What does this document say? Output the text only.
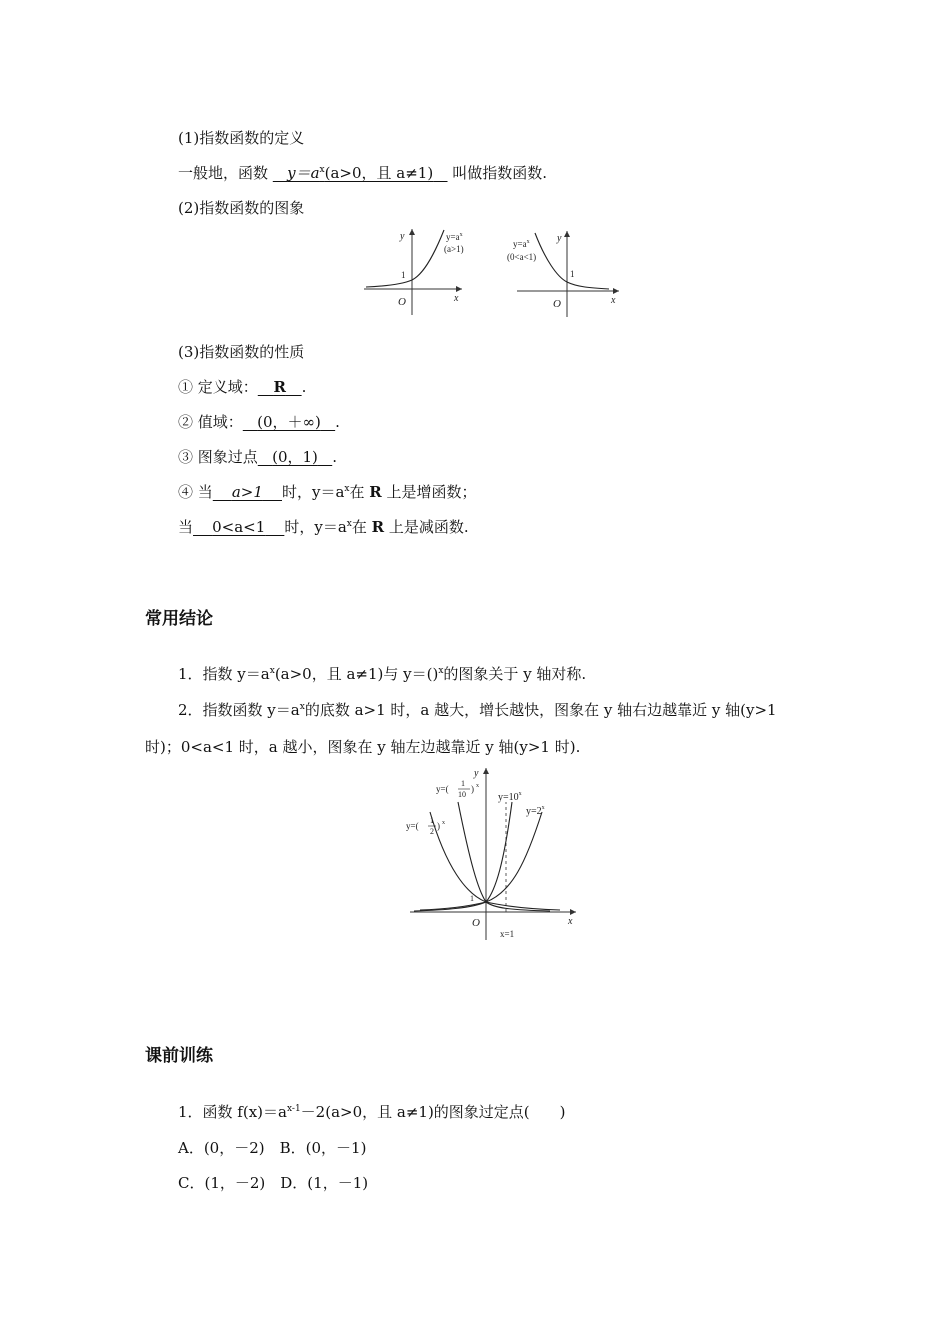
(1)指数函数的定义
一般地，函数 $y=a^x(a>0$，且 a≠1) 叫做指数函数.
(2)指数函数的图象
y
x
O
1
$y=a^x$
(a>1)
y
x
O
1
$y=a^x$
(0<a<1)
(3)指数函数的性质
① 定义域： R .
② 值域： (0，＋∞) .
③ 图象过点 (0，1) .
④ 当 a>1 时，$y=a^x$在 R 上是增函数；
当 0<a<1 时，$y=a^x$在 R 上是减函数.
常用结论
1．指数 $y=a^x(a>0$，且 a≠1)与 y＝()$^x$的图象关于 y 轴对称.
2．指数函数 $y=a^x$的底数 a>1 时，a 越大，增长越快，图象在 y 轴右边越靠近 y 轴(y>1
时)；0<a<1 时，a 越小，图象在 y 轴左边越靠近 y 轴(y>1 时).
y
x
O
1
x=1
y=(
1
10
) x
y=(
1
2
) x
$y=10^x$
$y=2^x$
课前训练
1．函数 $f(x)=a^{x-1}-2(a>0$，且 a≠1)的图象过定点(　　)
A．(0，－2)　B．(0，－1)
C．(1，－2)　D．(1，－1)
